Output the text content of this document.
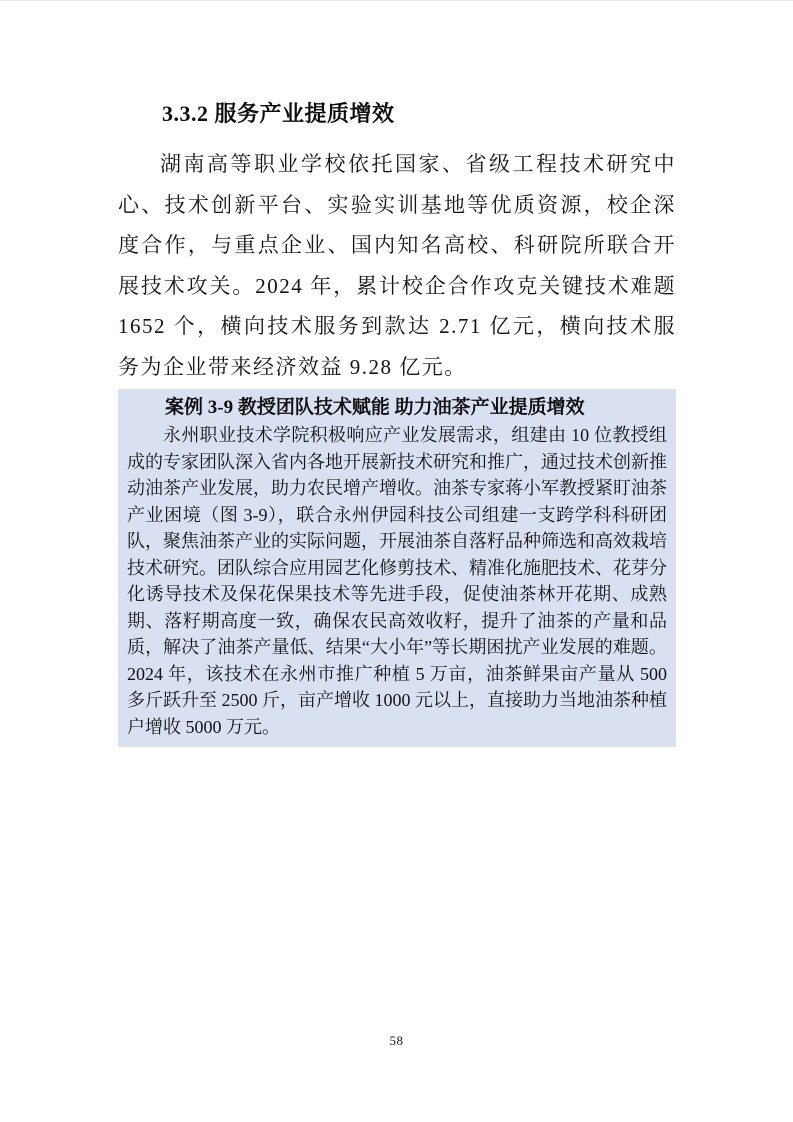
3.3.2 服务产业提质增效

湖南高等职业学校依托国家、省级工程技术研究中心、技术创新平台、实验实训基地等优质资源，校企深度合作，与重点企业、国内知名高校、科研院所联合开展技术攻关。2024 年，累计校企合作攻克关键技术难题 1652 个，横向技术服务到款达 2.71 亿元，横向技术服务为企业带来经济效益 9.28 亿元。

案例 3-9 教授团队技术赋能 助力油茶产业提质增效

永州职业技术学院积极响应产业发展需求，组建由 10 位教授组成的专家团队深入省内各地开展新技术研究和推广，通过技术创新推动油茶产业发展，助力农民增产增收。油茶专家蒋小军教授紧盯油茶产业困境（图 3-9），联合永州伊园科技公司组建一支跨学科科研团队，聚焦油茶产业的实际问题，开展油茶自落籽品种筛选和高效栽培技术研究。团队综合应用园艺化修剪技术、精准化施肥技术、花芽分化诱导技术及保花保果技术等先进手段，促使油茶林开花期、成熟期、落籽期高度一致，确保农民高效收籽，提升了油茶的产量和品质，解决了油茶产量低、结果“大小年”等长期困扰产业发展的难题。2024 年，该技术在永州市推广种植 5 万亩，油茶鲜果亩产量从 500 多斤跃升至 2500 斤，亩产增收 1000 元以上，直接助力当地油茶种植户增收 5000 万元。

58
